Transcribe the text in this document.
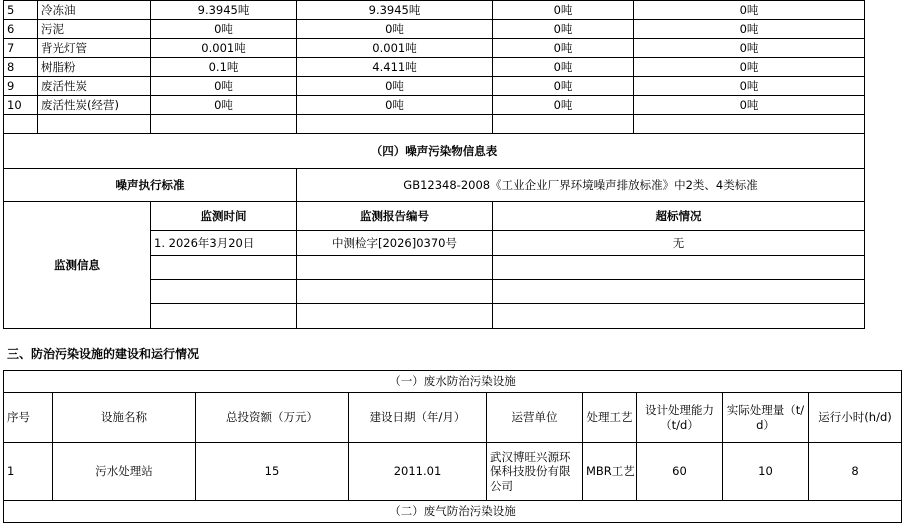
5	冷冻油	9.3945吨	9.3945吨	0吨	0吨
6	污泥	0吨	0吨	0吨	0吨
7	背光灯管	0.001吨	0.001吨	0吨	0吨
8	树脂粉	0.1吨	4.411吨	0吨	0吨
9	废活性炭	0吨	0吨	0吨	0吨
10	废活性炭(经营)	0吨	0吨	0吨	0吨

（四）噪声污染物信息表					
噪声执行标准			GB12348-2008《工业企业厂界环境噪声排放标准》中2类、4类标准		
监测信息		监测时间	监测报告编号	超标情况	
		1. 2026年3月20日	中测检字[2026]0370号	无	

三、防治污染设施的建设和运行情况
（一）废水防治污染设施								
序号	设施名称	总投资额（万元）	建设日期（年/月）	运营单位	处理工艺	设计处理能力（t/d）	实际处理量（t/d）	运行小时(h/d)
1	污水处理站	15	2011.01	武汉博旺兴源环保科技股份有限公司	MBR工艺	60	10	8
（二）废气防治污染设施								
